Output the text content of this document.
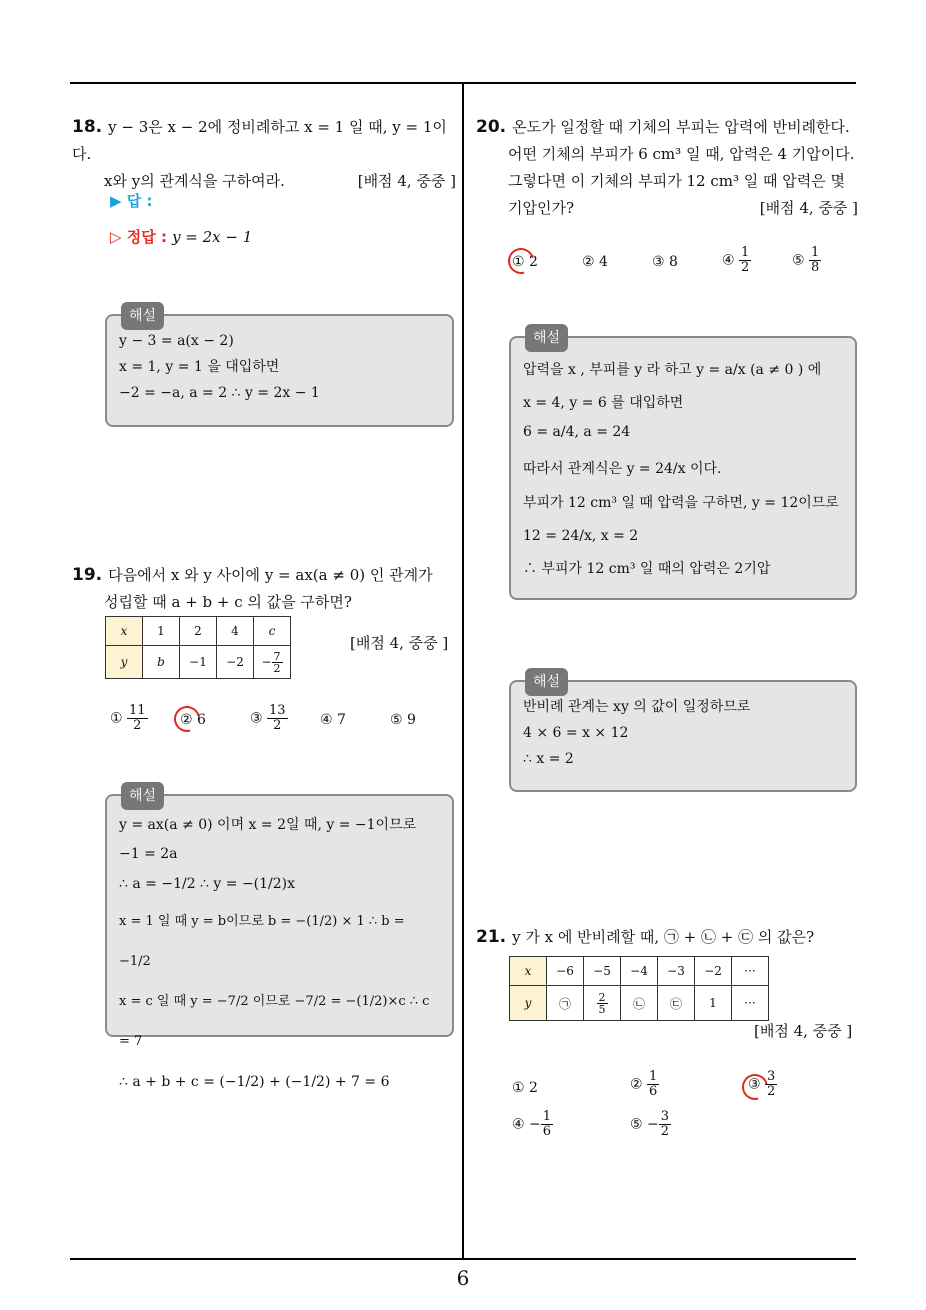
18. y − 3은 x − 2에 정비례하고 x = 1 일 때, y = 1이다.
x와 y의 관계식을 구하여라.	[배점 4, 중중 ]
▶ 답 :
▷ 정답 : y = 2x − 1
해설
y − 3 = a(x − 2)
x = 1, y = 1 을 대입하면
−2 = −a, a = 2 ∴ y = 2x − 1
19. 다음에서 x 와 y 사이에 y = ax(a ≠ 0) 인 관계가
성립할 때 a + b + c 의 값을 구하면?
x	1	2	4	c
y	b	−1	−2	− $\frac{7}{2}$
[배점 4, 중중 ]
① $\frac{11}{2}$ ② 6	③ $\frac{13}{2}$ ④ 7	⑤ 9
해설
y = ax(a ≠ 0) 이며 x = 2일 때, y = −1이므로
−1 = 2a
∴ a = −1/2 ∴ y = −(1/2)x
x = 1 일 때 y = b이므로 b = −(1/2) × 1 ∴ b = −1/2
x = c 일 때 y = −7/2 이므로 −7/2 = −(1/2)×c ∴ c = 7
∴ a + b + c = (−1/2) + (−1/2) + 7 = 6
20. 온도가 일정할 때 기체의 부피는 압력에 반비례한다.
어떤 기체의 부피가 6 cm³ 일 때, 압력은 4 기압이다.
그렇다면 이 기체의 부피가 12 cm³ 일 때 압력은 몇
기압인가?	[배점 4, 중중 ]
① 2	② 4	③ 8	④ $\frac{1}{2}$	⑤ $\frac{1}{8}$
해설
압력을 x , 부피를 y 라 하고 y = a/x (a ≠ 0 ) 에
x = 4, y = 6 를 대입하면
6 = a/4, a = 24
따라서 관계식은 y = 24/x 이다.
부피가 12 cm³ 일 때 압력을 구하면, y = 12이므로
12 = 24/x, x = 2
∴ 부피가 12 cm³ 일 때의 압력은 2기압
해설
반비례 관계는 xy 의 값이 일정하므로
4 × 6 = x × 12
∴ x = 2
21. y 가 x 에 반비례할 때, ㉠ + ㉡ + ㉢ 의 값은?
x	−6	−5	−4	−3	−2	···
y	㉠	$\frac{2}{5}$	㉡	㉢	1	···
[배점 4, 중중 ]
① 2	② $\frac{1}{6}$	③ $\frac{3}{2}$
④ − $\frac{1}{6}$	⑤ − $\frac{3}{2}$
6
